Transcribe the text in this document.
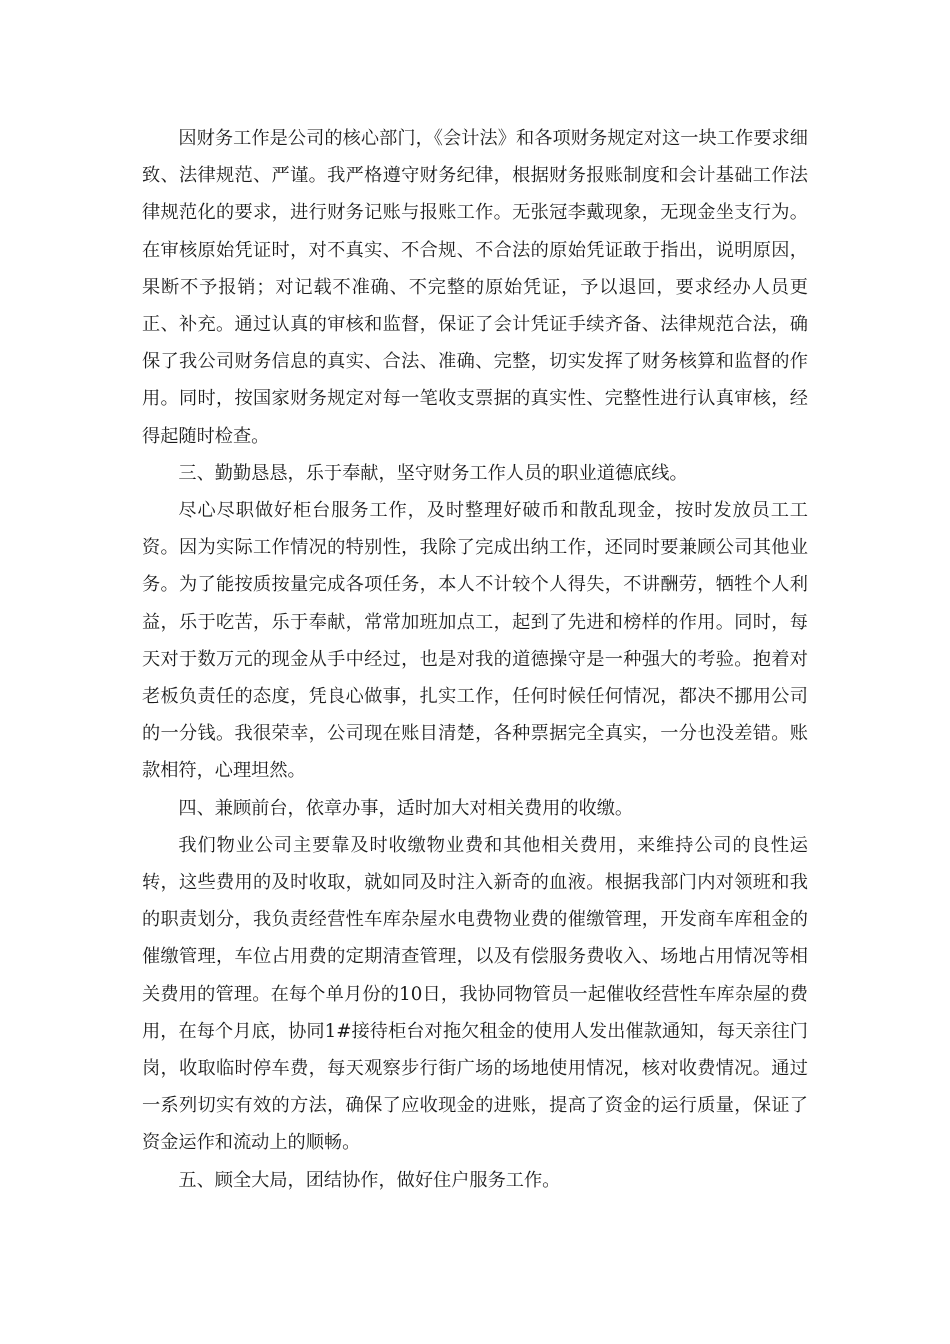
因财务工作是公司的核心部门，《会计法》和各项财务规定对这一块工作要求细致、法律规范、严谨。我严格遵守财务纪律，根据财务报账制度和会计基础工作法律规范化的要求，进行财务记账与报账工作。无张冠李戴现象，无现金坐支行为。在审核原始凭证时，对不真实、不合规、不合法的原始凭证敢于指出，说明原因，果断不予报销；对记载不准确、不完整的原始凭证，予以退回，要求经办人员更正、补充。通过认真的审核和监督，保证了会计凭证手续齐备、法律规范合法，确保了我公司财务信息的真实、合法、准确、完整，切实发挥了财务核算和监督的作用。同时，按国家财务规定对每一笔收支票据的真实性、完整性进行认真审核，经得起随时检查。

三、勤勤恳恳，乐于奉献，坚守财务工作人员的职业道德底线。

尽心尽职做好柜台服务工作，及时整理好破币和散乱现金，按时发放员工工资。因为实际工作情况的特别性，我除了完成出纳工作，还同时要兼顾公司其他业务。为了能按质按量完成各项任务，本人不计较个人得失，不讲酬劳，牺牲个人利益，乐于吃苦，乐于奉献，常常加班加点工，起到了先进和榜样的作用。同时，每天对于数万元的现金从手中经过，也是对我的道德操守是一种强大的考验。抱着对老板负责任的态度，凭良心做事，扎实工作，任何时候任何情况，都决不挪用公司的一分钱。我很荣幸，公司现在账目清楚，各种票据完全真实，一分也没差错。账款相符，心理坦然。

四、兼顾前台，依章办事，适时加大对相关费用的收缴。

我们物业公司主要靠及时收缴物业费和其他相关费用，来维持公司的良性运转，这些费用的及时收取，就如同及时注入新奇的血液。根据我部门内对领班和我的职责划分，我负责经营性车库杂屋水电费物业费的催缴管理，开发商车库租金的催缴管理，车位占用费的定期清查管理，以及有偿服务费收入、场地占用情况等相关费用的管理。在每个单月份的10日，我协同物管员一起催收经营性车库杂屋的费用，在每个月底，协同1#接待柜台对拖欠租金的使用人发出催款通知，每天亲往门岗，收取临时停车费，每天观察步行街广场的场地使用情况，核对收费情况。通过一系列切实有效的方法，确保了应收现金的进账，提高了资金的运行质量，保证了资金运作和流动上的顺畅。

五、顾全大局，团结协作，做好住户服务工作。
